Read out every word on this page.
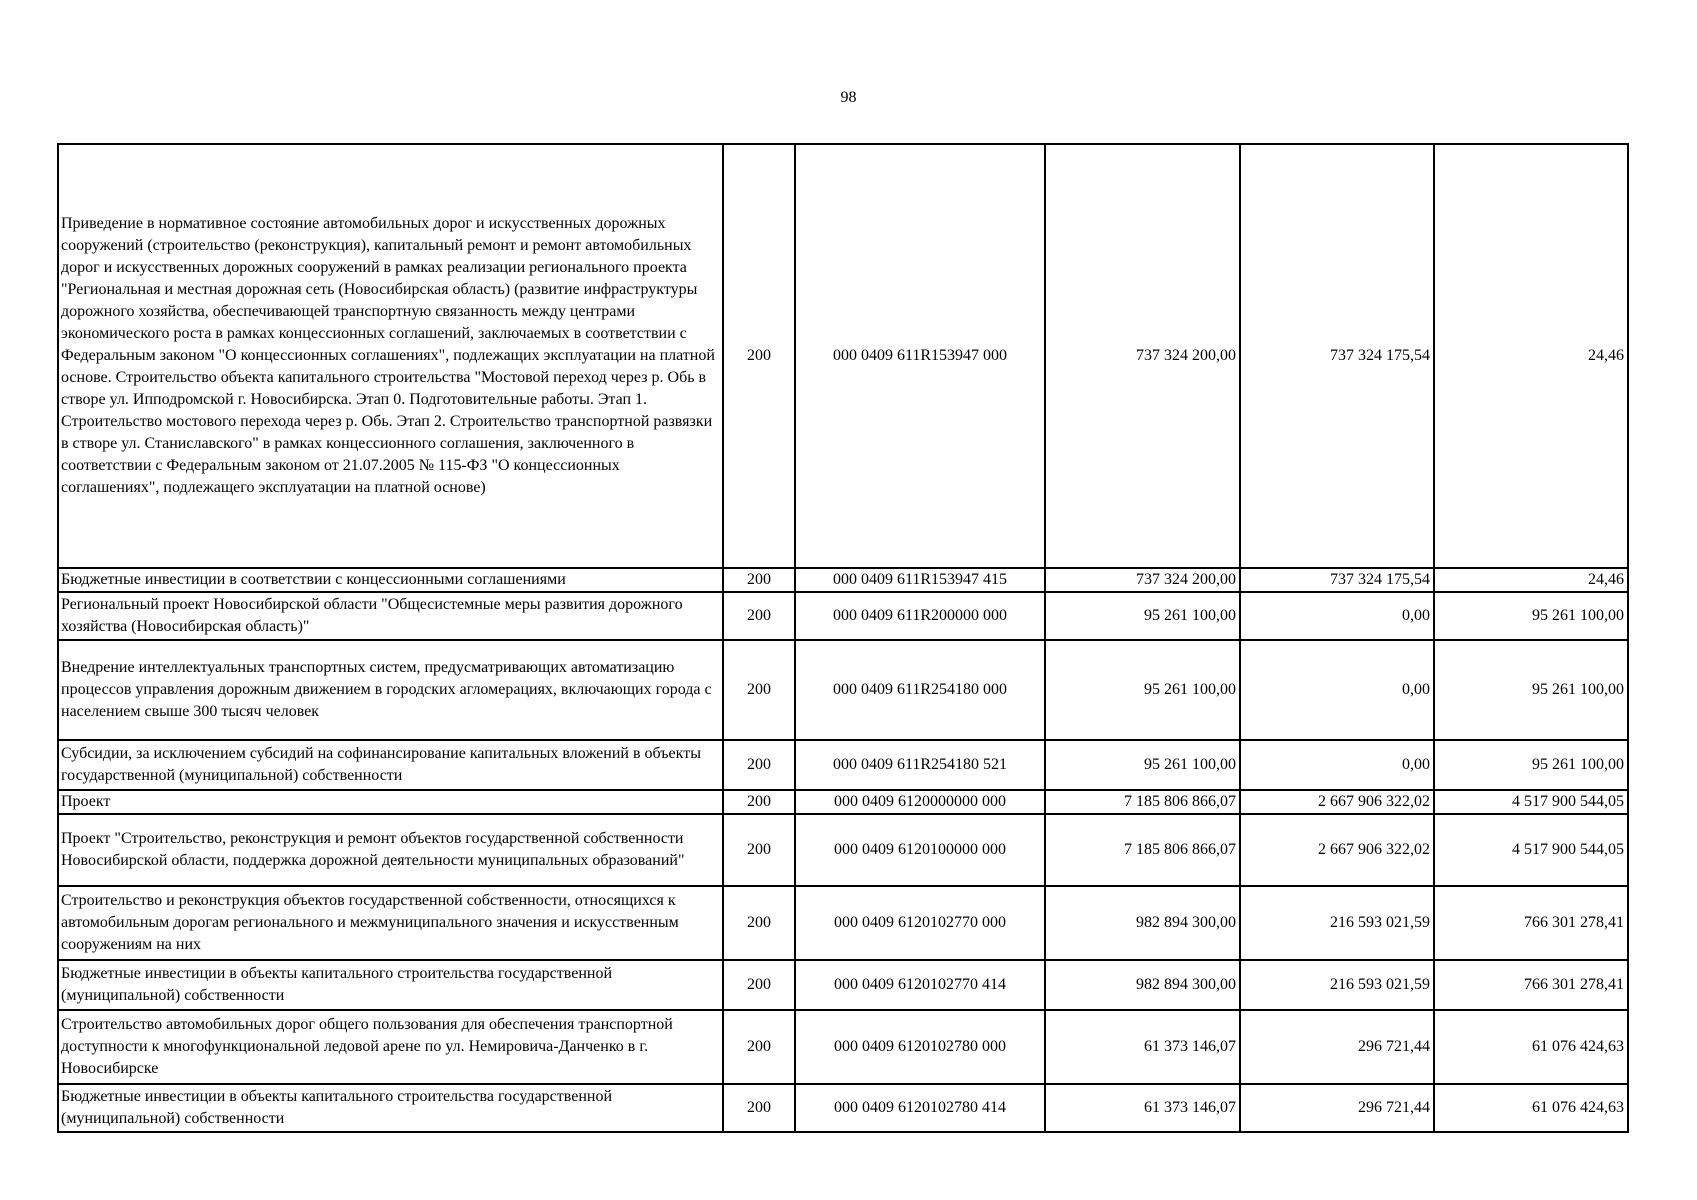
98
Приведение в нормативное состояние автомобильных дорог и искусственных дорожных сооружений (строительство (реконструкция), капитальный ремонт и ремонт автомобильных дорог и искусственных дорожных сооружений в рамках реализации регионального проекта "Региональная и местная дорожная сеть (Новосибирская область) (развитие инфраструктуры дорожного хозяйства, обеспечивающей транспортную связанность между центрами экономического роста в рамках концессионных соглашений, заключаемых в соответствии с Федеральным законом "О концессионных соглашениях", подлежащих эксплуатации на платной основе. Строительство объекта капитального строительства "Мостовой переход через р. Обь в створе ул. Ипподромской г. Новосибирска. Этап 0. Подготовительные работы. Этап 1. Строительство мостового перехода через р. Обь. Этап 2. Строительство транспортной развязки в створе ул. Станиславского" в рамках концессионного соглашения, заключенного в соответствии с Федеральным законом от 21.07.2005 № 115-ФЗ "О концессионных соглашениях", подлежащего эксплуатации на платной основе)	200	000 0409 611R153947 000	737 324 200,00	737 324 175,54	24,46
Бюджетные инвестиции в соответствии с концессионными соглашениями	200	000 0409 611R153947 415	737 324 200,00	737 324 175,54	24,46
Региональный проект Новосибирской области "Общесистемные меры развития дорожного хозяйства (Новосибирская область)"	200	000 0409 611R200000 000	95 261 100,00	0,00	95 261 100,00
Внедрение интеллектуальных транспортных систем, предусматривающих автоматизацию процессов управления дорожным движением в городских агломерациях, включающих города с населением свыше 300 тысяч человек	200	000 0409 611R254180 000	95 261 100,00	0,00	95 261 100,00
Субсидии, за исключением субсидий на софинансирование капитальных вложений в объекты государственной (муниципальной) собственности	200	000 0409 611R254180 521	95 261 100,00	0,00	95 261 100,00
Проект	200	000 0409 6120000000 000	7 185 806 866,07	2 667 906 322,02	4 517 900 544,05
Проект "Строительство, реконструкция и ремонт объектов государственной собственности Новосибирской области, поддержка дорожной деятельности муниципальных образований"	200	000 0409 6120100000 000	7 185 806 866,07	2 667 906 322,02	4 517 900 544,05
Строительство и реконструкция объектов государственной собственности, относящихся к автомобильным дорогам регионального и межмуниципального значения и искусственным сооружениям на них	200	000 0409 6120102770 000	982 894 300,00	216 593 021,59	766 301 278,41
Бюджетные инвестиции в объекты капитального строительства государственной (муниципальной) собственности	200	000 0409 6120102770 414	982 894 300,00	216 593 021,59	766 301 278,41
Строительство автомобильных дорог общего пользования для обеспечения транспортной доступности к многофункциональной ледовой арене по ул. Немировича-Данченко в г. Новосибирске	200	000 0409 6120102780 000	61 373 146,07	296 721,44	61 076 424,63
Бюджетные инвестиции в объекты капитального строительства государственной (муниципальной) собственности	200	000 0409 6120102780 414	61 373 146,07	296 721,44	61 076 424,63
